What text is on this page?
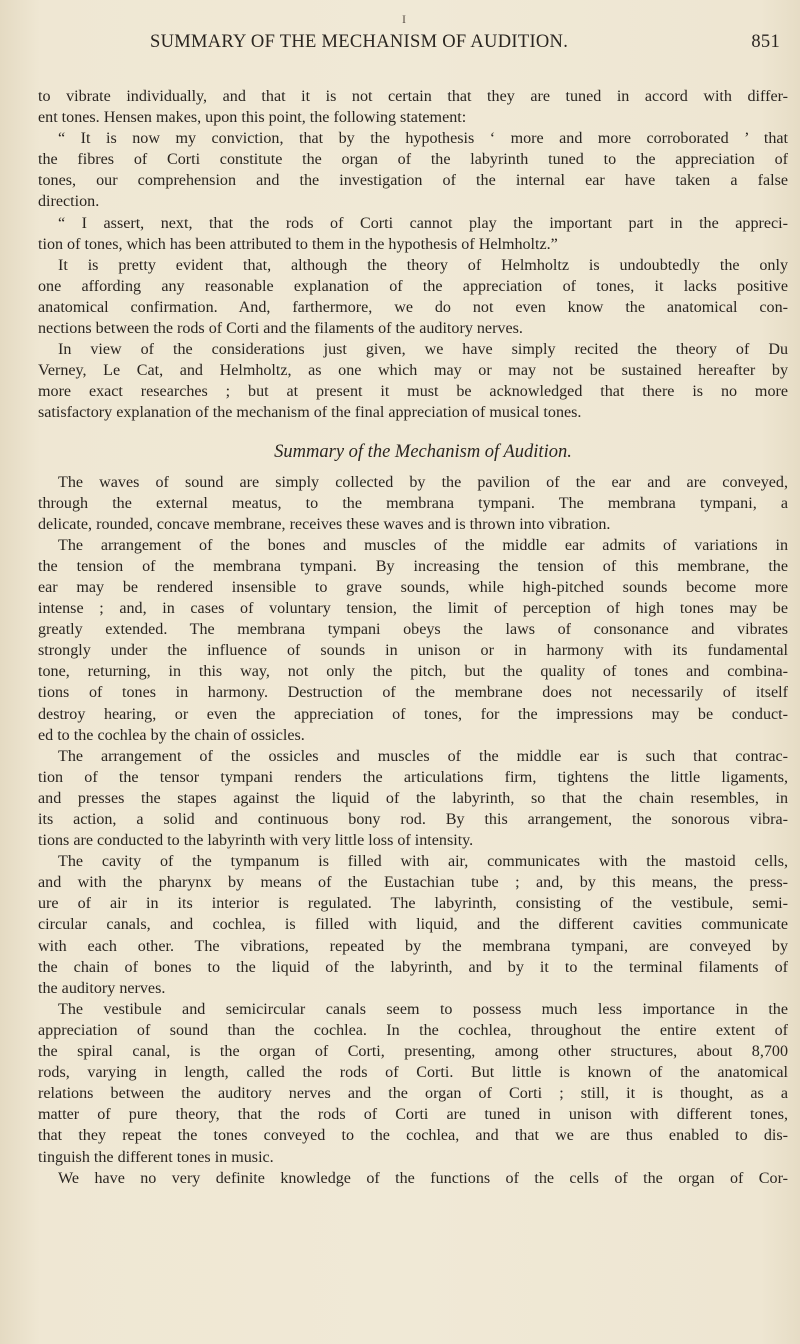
I
SUMMARY OF THE MECHANISM OF AUDITION.	851
to vibrate individually, and that it is not certain that they are tuned in accord with differ-
ent tones. Hensen makes, upon this point, the following statement:
“ It is now my conviction, that by the hypothesis ‘ more and more corroborated ’ that
the fibres of Corti constitute the organ of the labyrinth tuned to the appreciation of
tones, our comprehension and the investigation of the internal ear have taken a false
direction.
“ I assert, next, that the rods of Corti cannot play the important part in the appreci-
tion of tones, which has been attributed to them in the hypothesis of Helmholtz.”
It is pretty evident that, although the theory of Helmholtz is undoubtedly the only
one affording any reasonable explanation of the appreciation of tones, it lacks positive
anatomical confirmation. And, farthermore, we do not even know the anatomical con-
nections between the rods of Corti and the filaments of the auditory nerves.
In view of the considerations just given, we have simply recited the theory of Du
Verney, Le Cat, and Helmholtz, as one which may or may not be sustained hereafter by
more exact researches ; but at present it must be acknowledged that there is no more
satisfactory explanation of the mechanism of the final appreciation of musical tones.
Summary of the Mechanism of Audition.
The waves of sound are simply collected by the pavilion of the ear and are conveyed,
through the external meatus, to the membrana tympani. The membrana tympani, a
delicate, rounded, concave membrane, receives these waves and is thrown into vibration.
The arrangement of the bones and muscles of the middle ear admits of variations in
the tension of the membrana tympani. By increasing the tension of this membrane, the
ear may be rendered insensible to grave sounds, while high-pitched sounds become more
intense ; and, in cases of voluntary tension, the limit of perception of high tones may be
greatly extended. The membrana tympani obeys the laws of consonance and vibrates
strongly under the influence of sounds in unison or in harmony with its fundamental
tone, returning, in this way, not only the pitch, but the quality of tones and combina-
tions of tones in harmony. Destruction of the membrane does not necessarily of itself
destroy hearing, or even the appreciation of tones, for the impressions may be conduct-
ed to the cochlea by the chain of ossicles.
The arrangement of the ossicles and muscles of the middle ear is such that contrac-
tion of the tensor tympani renders the articulations firm, tightens the little ligaments,
and presses the stapes against the liquid of the labyrinth, so that the chain resembles, in
its action, a solid and continuous bony rod. By this arrangement, the sonorous vibra-
tions are conducted to the labyrinth with very little loss of intensity.
The cavity of the tympanum is filled with air, communicates with the mastoid cells,
and with the pharynx by means of the Eustachian tube ; and, by this means, the press-
ure of air in its interior is regulated. The labyrinth, consisting of the vestibule, semi-
circular canals, and cochlea, is filled with liquid, and the different cavities communicate
with each other. The vibrations, repeated by the membrana tympani, are conveyed by
the chain of bones to the liquid of the labyrinth, and by it to the terminal filaments of
the auditory nerves.
The vestibule and semicircular canals seem to possess much less importance in the
appreciation of sound than the cochlea. In the cochlea, throughout the entire extent of
the spiral canal, is the organ of Corti, presenting, among other structures, about 8,700
rods, varying in length, called the rods of Corti. But little is known of the anatomical
relations between the auditory nerves and the organ of Corti ; still, it is thought, as a
matter of pure theory, that the rods of Corti are tuned in unison with different tones,
that they repeat the tones conveyed to the cochlea, and that we are thus enabled to dis-
tinguish the different tones in music.
We have no very definite knowledge of the functions of the cells of the organ of Cor-
